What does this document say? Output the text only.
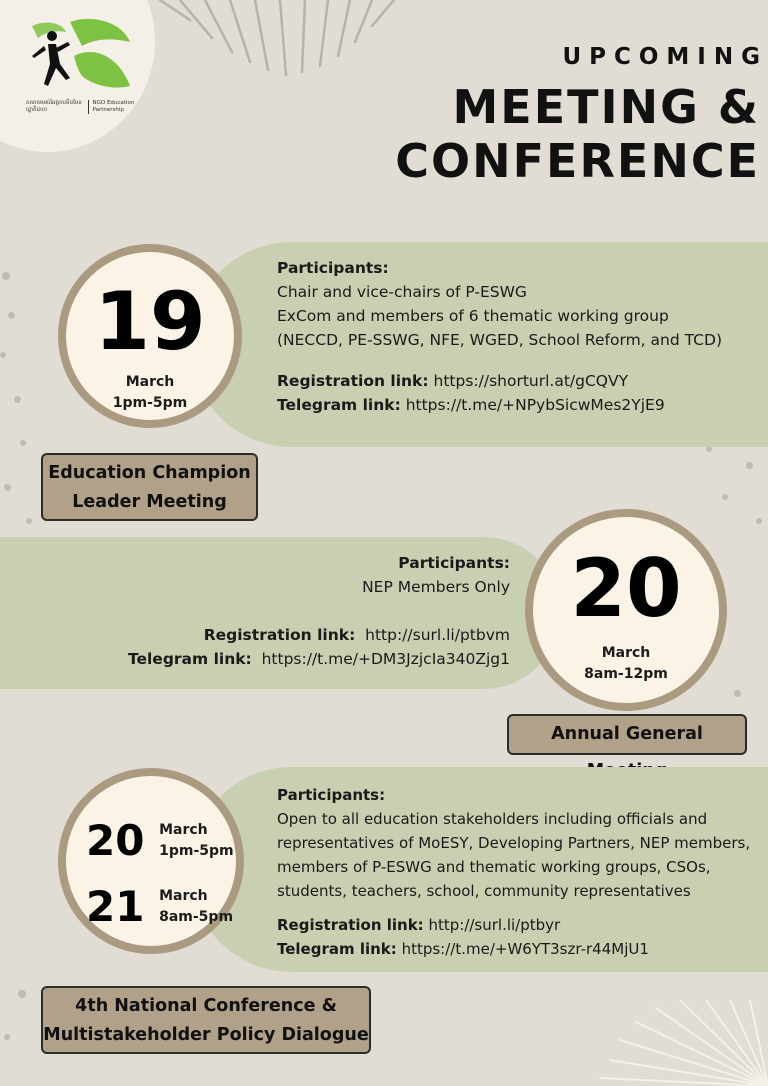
សមាគមអប់រំអង្គការមិនមែនរដ្ឋាភិបាល
NGO Education
Partnership
UPCOMING
MEETING &
CONFERENCE
19
March
1pm-5pm
Education Champion
Leader Meeting
Participants:
Chair and vice-chairs of P-ESWG
ExCom and members of 6 thematic working group
(NECCD, PE-SSWG, NFE, WGED, School Reform, and TCD)
Registration link: https://shorturl.at/gCQVY
Telegram link: https://t.me/+NPybSicwMes2YjE9
20
March
8am-12pm
Participants:
NEP Members Only
Registration link: http://surl.li/ptbvm
Telegram link: https://t.me/+DM3JzjcIa340Zjg1
Annual General
20 March
1pm-5pm
21 March
8am-5pm
Participants:
Open to all education stakeholders including officials and
representatives of MoESY, Developing Partners, NEP members,
members of P-ESWG and thematic working groups, CSOs,
students, teachers, school, community representatives
Registration link: http://surl.li/ptbyr
Telegram link: https://t.me/+W6YT3szr-r44MjU1
4th National Conference &
Multistakeholder Policy Dialogue
